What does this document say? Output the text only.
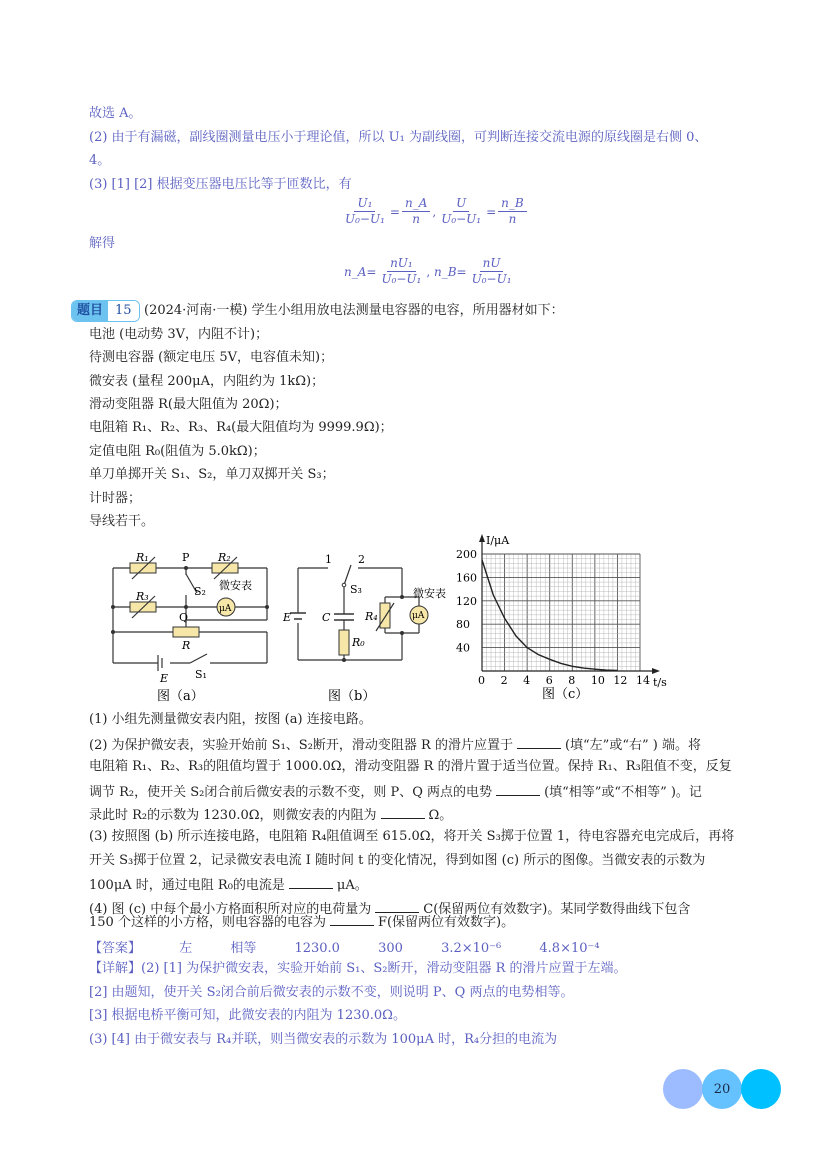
故选 A。
(2) 由于有漏磁，副线圈测量电压小于理论值，所以 U₁ 为副线圈，可判断连接交流电源的原线圈是右侧 0、
4。
(3) [1] [2] 根据变压器电压比等于匝数比，有
$\frac{\text{U₁}}{\text{U₀−U₁}} = \frac{n\_A}{n}$ , $\frac{U}{\text{U₀−U₁}} = \frac{n\_B}{n}$
解得
n_A= $\frac{\text{nU₁}}{\text{U₀−U₁}}$ , n_B= $\frac{nU}{\text{U₀−U₁}}$
题目 15 (2024·河南·一模) 学生小组用放电法测量电容器的电容，所用器材如下：
电池 (电动势 3V，内阻不计)；
待测电容器 (额定电压 5V，电容值未知)；
微安表 (量程 200μA，内阻约为 1kΩ)；
滑动变阻器 R(最大阻值为 20Ω)；
电阻箱 R₁、R₂、R₃、R₄(最大阻值均为 9999.9Ω)；
定值电阻 R₀(阻值为 5.0kΩ)；
单刀单掷开关 S₁、S₂，单刀双掷开关 S₃；
计时器；
导线若干。
R₁	P	R₂
R₃	S₂ 微安表
μA
Q
R
E S₁
图（a）
1 2
S₃
E	C
R₀
R₄	μA
微安表
图（b）
0 2 4 6 8 10 12 14
40
80
120
160
200
I/μA
t/s
图（c）
(1) 小组先测量微安表内阻，按图 (a) 连接电路。
(2) 为保护微安表，实验开始前 S₁、S₂断开，滑动变阻器 R 的滑片应置于	(填“左”或“右” ) 端。将
电阻箱 R₁、R₂、R₃的阻值均置于 1000.0Ω，滑动变阻器 R 的滑片置于适当位置。保持 R₁、R₃阻值不变，反复
调节 R₂，使开关 S₂闭合前后微安表的示数不变，则 P、Q 两点的电势	(填“相等”或“不相等” )。记
录此时 R₂的示数为 1230.0Ω，则微安表的内阻为	Ω。
(3) 按照图 (b) 所示连接电路，电阻箱 R₄阻值调至 615.0Ω，将开关 S₃掷于位置 1，待电容器充电完成后，再将
开关 S₃掷于位置 2，记录微安表电流 I 随时间 t 的变化情况，得到如图 (c) 所示的图像。当微安表的示数为
100μA 时，通过电阻 R₀的电流是	μA。
(4) 图 (c) 中每个最小方格面积所对应的电荷量为	C(保留两位有效数字)。某同学数得曲线下包含
150 个这样的小方格，则电容器的电容为	F(保留两位有效数字)。
【答案】	左	相等	1230.0	300	3.2×10⁻⁶	4.8×10⁻⁴
【详解】(2) [1] 为保护微安表，实验开始前 S₁、S₂断开，滑动变阻器 R 的滑片应置于左端。
[2] 由题知，使开关 S₂闭合前后微安表的示数不变，则说明 P、Q 两点的电势相等。
[3] 根据电桥平衡可知，此微安表的内阻为 1230.0Ω。
(3) [4] 由于微安表与 R₄并联，则当微安表的示数为 100μA 时，R₄分担的电流为
20
